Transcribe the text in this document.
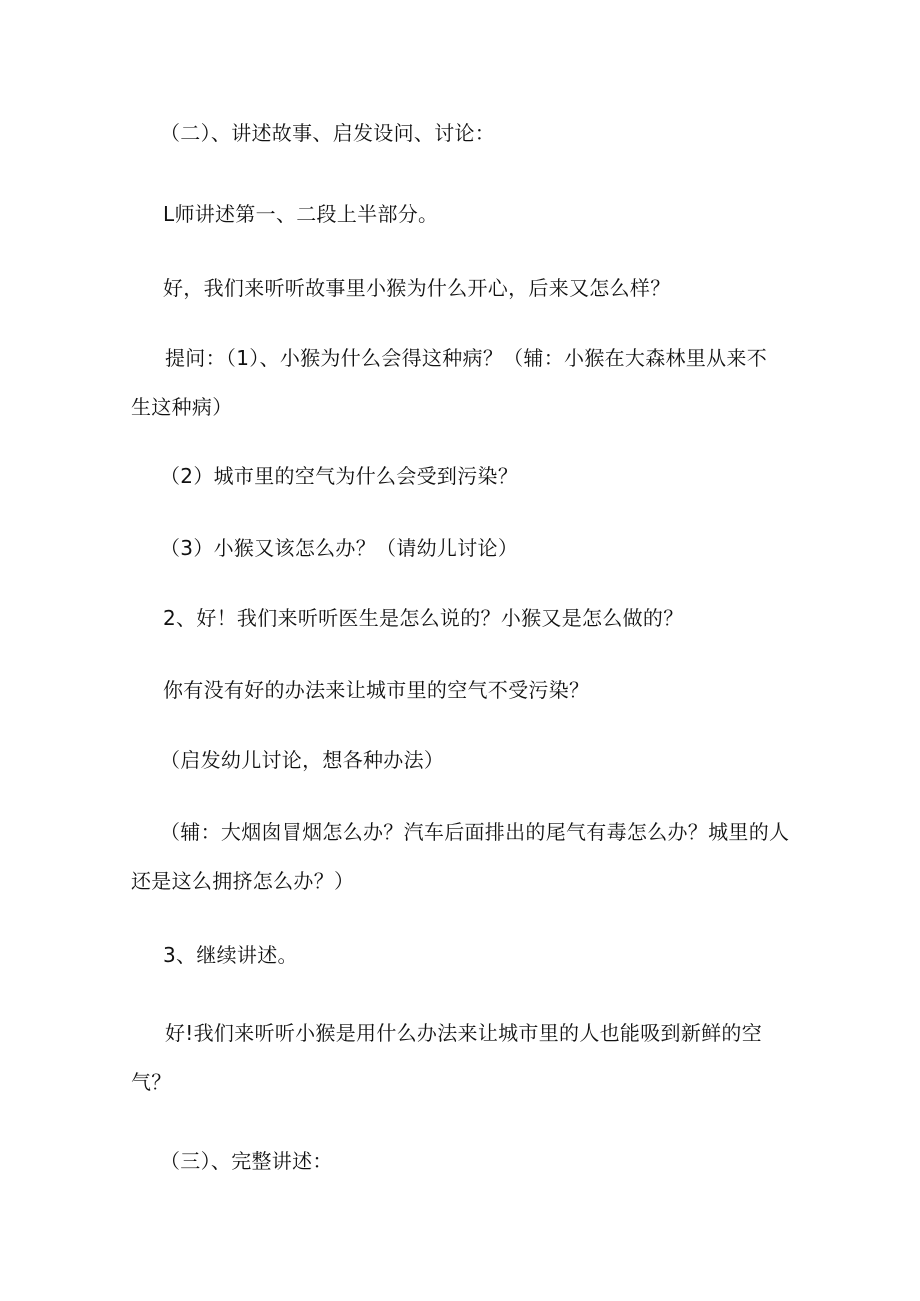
（二）、讲述故事、启发设问、讨论：
L师讲述第一、二段上半部分。
好，我们来听听故事里小猴为什么开心，后来又怎么样？
提问：（1）、小猴为什么会得这种病？（辅：小猴在大森林里从来不
生这种病）
（2）城市里的空气为什么会受到污染？
（3）小猴又该怎么办？（请幼儿讨论）
2、好！我们来听听医生是怎么说的？小猴又是怎么做的？
你有没有好的办法来让城市里的空气不受污染？
（启发幼儿讨论，想各种办法）
（辅：大烟囱冒烟怎么办？汽车后面排出的尾气有毒怎么办？城里的人
还是这么拥挤怎么办？）
3、继续讲述。
好!我们来听听小猴是用什么办法来让城市里的人也能吸到新鲜的空
气？
（三）、完整讲述：
